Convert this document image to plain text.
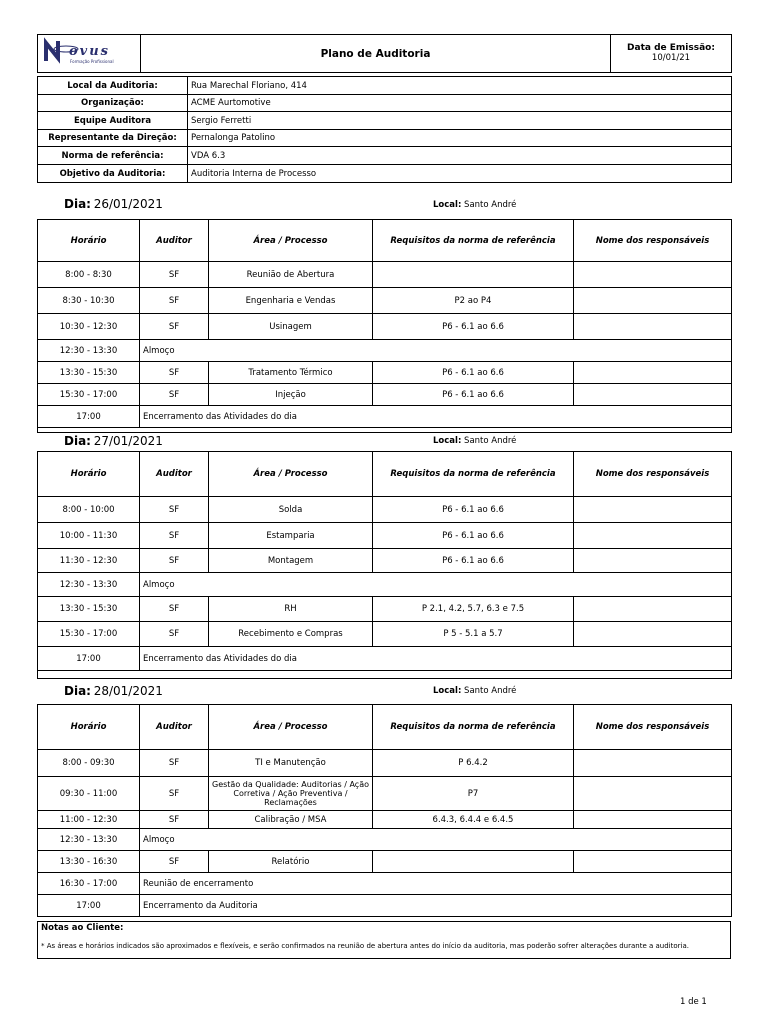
ovus
Formação Profissional
	Plano de Auditoria	Data de Emissão:
10/01/21
Local da Auditoria:	Rua Marechal Floriano, 414
Organização:	ACME Aurtomotive
Equipe Auditora	Sergio Ferretti
Representante da Direção:	Pernalonga Patolino
Norma de referência:	VDA 6.3
Objetivo da Auditoria:	Auditoria Interna de Processo
Dia: 26/01/2021	Local: Santo André
Horário	Auditor	Área / Processo	Requisitos da norma de referência	Nome dos responsáveis
8:00 - 8:30	SF	Reunião de Abertura		
8:30 - 10:30	SF	Engenharia e Vendas	P2 ao P4	
10:30 - 12:30	SF	Usinagem	P6 - 6.1 ao 6.6	
12:30 - 13:30	Almoço			
13:30 - 15:30	SF	Tratamento Térmico	P6 - 6.1 ao 6.6	
15:30 - 17:00	SF	Injeção	P6 - 6.1 ao 6.6	
17:00	Encerramento das Atividades do dia			

Dia: 27/01/2021	Local: Santo André
Horário	Auditor	Área / Processo	Requisitos da norma de referência	Nome dos responsáveis
8:00 - 10:00	SF	Solda	P6 - 6.1 ao 6.6	
10:00 - 11:30	SF	Estamparia	P6 - 6.1 ao 6.6	
11:30 - 12:30	SF	Montagem	P6 - 6.1 ao 6.6	
12:30 - 13:30	Almoço			
13:30 - 15:30	SF	RH	P 2.1, 4.2, 5.7, 6.3 e 7.5	
15:30 - 17:00	SF	Recebimento e Compras	P 5 - 5.1 a 5.7	
17:00	Encerramento das Atividades do dia			

Dia: 28/01/2021	Local: Santo André
Horário	Auditor	Área / Processo	Requisitos da norma de referência	Nome dos responsáveis
8:00 - 09:30	SF	TI e Manutenção	P 6.4.2	
09:30 - 11:00	SF	Gestão da Qualidade: Auditorias / Ação Corretiva / Ação Preventiva / Reclamações	P7	
11:00 - 12:30	SF	Calibração / MSA	6.4.3, 6.4.4 e 6.4.5	
12:30 - 13:30	Almoço			
13:30 - 16:30	SF	Relatório		
16:30 - 17:00	Reunião de encerramento			
17:00	Encerramento da Auditoria			
Notas ao Cliente:
* As áreas e horários indicados são aproximados e flexíveis, e serão confirmados na reunião de abertura antes do início da auditoria, mas poderão sofrer alterações durante a auditoria.
1 de 1
